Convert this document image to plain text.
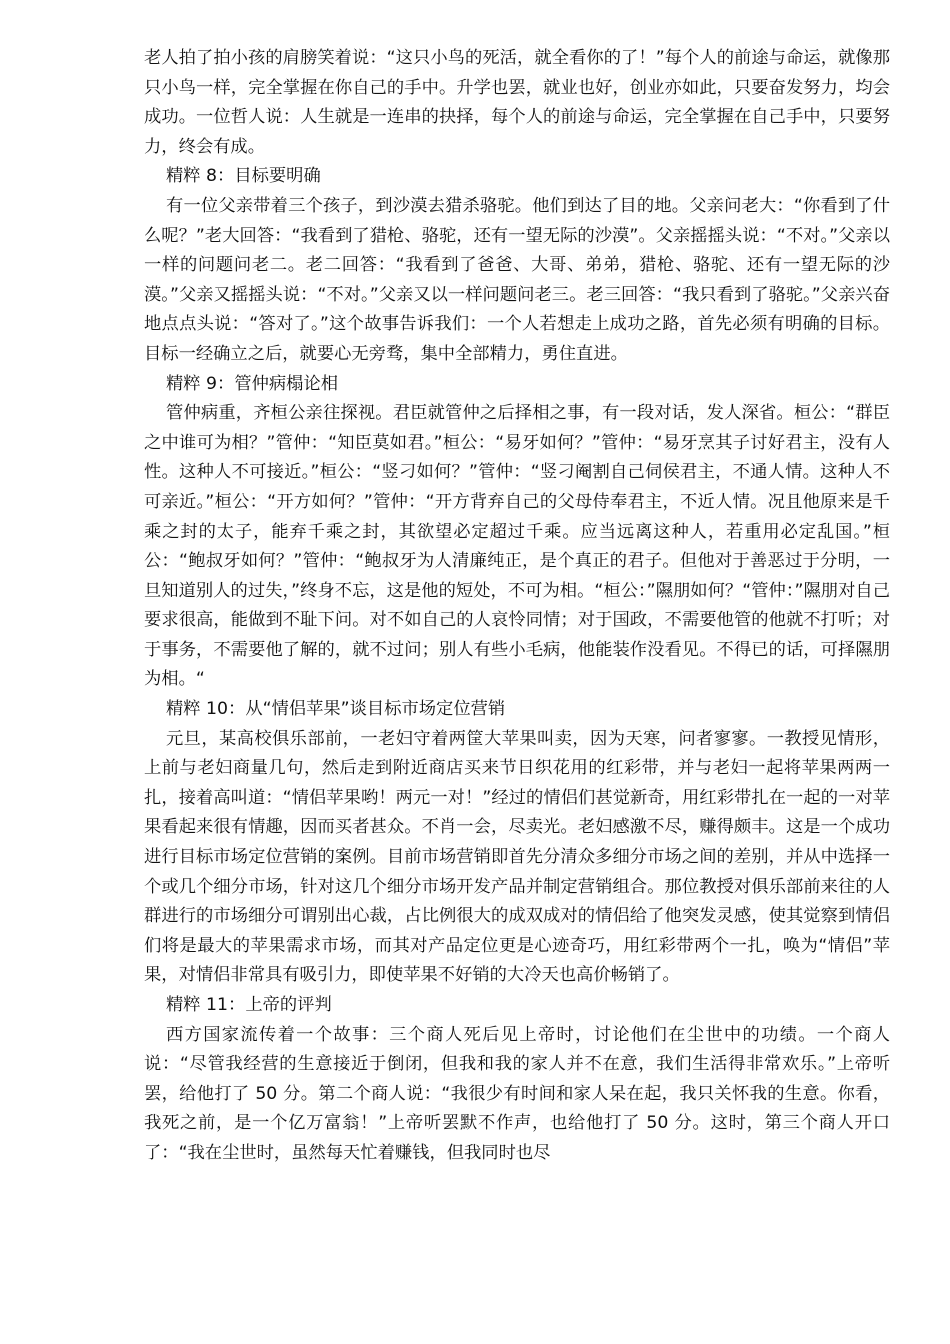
老人拍了拍小孩的肩膀笑着说：“这只小鸟的死活，就全看你的了！”每个人的前途与命运，就像那只小鸟一样，完全掌握在你自己的手中。升学也罢，就业也好，创业亦如此，只要奋发努力，均会成功。一位哲人说：人生就是一连串的抉择，每个人的前途与命运，完全掌握在自己手中，只要努力，终会有成。

精粹 8：目标要明确

有一位父亲带着三个孩子，到沙漠去猎杀骆驼。他们到达了目的地。父亲问老大：“你看到了什么呢？”老大回答：“我看到了猎枪、骆驼，还有一望无际的沙漠”。父亲摇摇头说：“不对。”父亲以一样的问题问老二。老二回答：“我看到了爸爸、大哥、弟弟，猎枪、骆驼、还有一望无际的沙漠。”父亲又摇摇头说：“不对。”父亲又以一样问题问老三。老三回答：“我只看到了骆驼。”父亲兴奋地点点头说：“答对了。”这个故事告诉我们：一个人若想走上成功之路，首先必须有明确的目标。目标一经确立之后，就要心无旁骛，集中全部精力，勇住直进。

精粹 9：管仲病榻论相

管仲病重，齐桓公亲往探视。君臣就管仲之后择相之事，有一段对话，发人深省。桓公：“群臣之中谁可为相？”管仲：“知臣莫如君。”桓公：“易牙如何？”管仲：“易牙烹其子讨好君主，没有人性。这种人不可接近。”桓公：“竖刁如何？”管仲：“竖刁阉割自己伺侯君主，不通人情。这种人不可亲近。”桓公：“开方如何？”管仲：“开方背弃自己的父母侍奉君主，不近人情。况且他原来是千乘之封的太子，能弃千乘之封，其欲望必定超过千乘。应当远离这种人，若重用必定乱国。”桓公：“鲍叔牙如何？”管仲：“鲍叔牙为人清廉纯正，是个真正的君子。但他对于善恶过于分明，一旦知道别人的过失，”终身不忘，这是他的短处，不可为相。“桓公：”隰朋如何？“管仲：”隰朋对自己要求很高，能做到不耻下问。对不如自己的人哀怜同情；对于国政，不需要他管的他就不打听；对于事务，不需要他了解的，就不过问；别人有些小毛病，他能装作没看见。不得已的话，可择隰朋为相。“

精粹 10：从“情侣苹果”谈目标市场定位营销

元旦，某高校俱乐部前，一老妇守着两筐大苹果叫卖，因为天寒，问者寥寥。一教授见情形，上前与老妇商量几句，然后走到附近商店买来节日织花用的红彩带，并与老妇一起将苹果两两一扎，接着高叫道：“情侣苹果哟！两元一对！”经过的情侣们甚觉新奇，用红彩带扎在一起的一对苹果看起来很有情趣，因而买者甚众。不肖一会，尽卖光。老妇感激不尽，赚得颇丰。这是一个成功进行目标市场定位营销的案例。目前市场营销即首先分清众多细分市场之间的差别，并从中选择一个或几个细分市场，针对这几个细分市场开发产品并制定营销组合。那位教授对俱乐部前来往的人群进行的市场细分可谓别出心裁，占比例很大的成双成对的情侣给了他突发灵感，使其觉察到情侣们将是最大的苹果需求市场，而其对产品定位更是心迹奇巧，用红彩带两个一扎，唤为“情侣”苹果，对情侣非常具有吸引力，即使苹果不好销的大冷天也高价畅销了。

精粹 11：上帝的评判

西方国家流传着一个故事：三个商人死后见上帝时，讨论他们在尘世中的功绩。一个商人说：“尽管我经营的生意接近于倒闭，但我和我的家人并不在意，我们生活得非常欢乐。”上帝听罢，给他打了 50 分。第二个商人说：“我很少有时间和家人呆在起，我只关怀我的生意。你看，我死之前，是一个亿万富翁！”上帝听罢默不作声，也给他打了 50 分。这时，第三个商人开口了：“我在尘世时，虽然每天忙着赚钱，但我同时也尽
